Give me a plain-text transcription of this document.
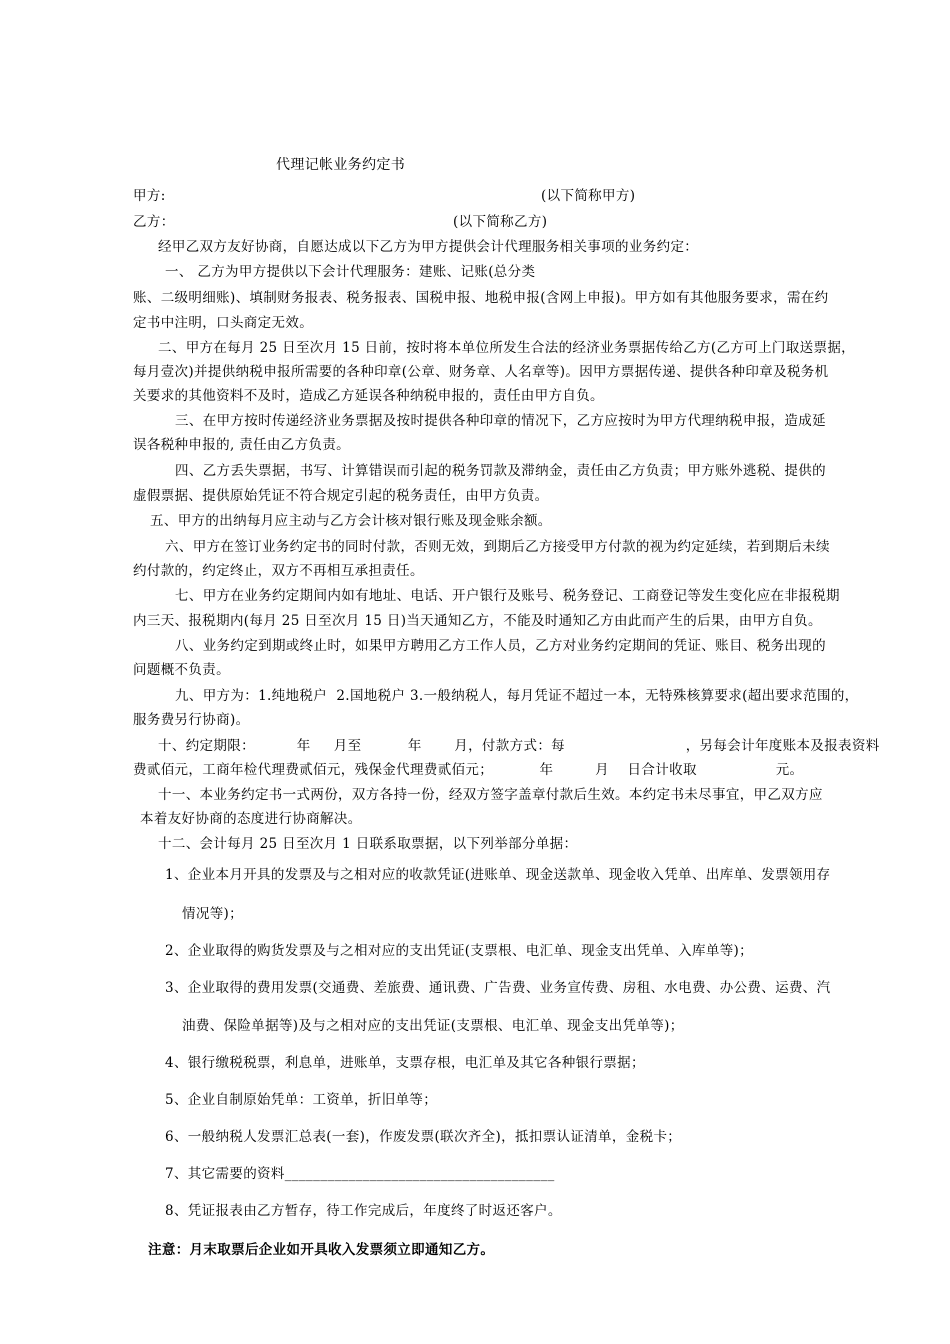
代理记帐业务约定书
甲方:	(以下简称甲方)
乙方：	(以下简称乙方)
经甲乙双方友好协商，自愿达成以下乙方为甲方提供会计代理服务相关事项的业务约定：
一、 乙方为甲方提供以下会计代理服务：建账、记账(总分类
账、二级明细账)、填制财务报表、税务报表、国税申报、地税申报(含网上申报)。甲方如有其他服务要求，需在约
定书中注明，口头商定无效。
二、甲方在每月 25 日至次月 15 日前，按时将本单位所发生合法的经济业务票据传给乙方(乙方可上门取送票据，
每月壹次)并提供纳税申报所需要的各种印章(公章、财务章、人名章等)。因甲方票据传递、提供各种印章及税务机
关要求的其他资料不及时，造成乙方延误各种纳税申报的，责任由甲方自负。
三、在甲方按时传递经济业务票据及按时提供各种印章的情况下，乙方应按时为甲方代理纳税申报，造成延
误各税种申报的, 责任由乙方负责。
四、乙方丢失票据，书写、计算错误而引起的税务罚款及滞纳金，责任由乙方负责；甲方账外逃税、提供的
虚假票据、提供原始凭证不符合规定引起的税务责任，由甲方负责。
五、甲方的出纳每月应主动与乙方会计核对银行账及现金账余额。
六、甲方在签订业务约定书的同时付款，否则无效，到期后乙方接受甲方付款的视为约定延续，若到期后未续
约付款的，约定终止，双方不再相互承担责任。
七、甲方在业务约定期间内如有地址、电话、开户银行及账号、税务登记、工商登记等发生变化应在非报税期
内三天、报税期内(每月 25 日至次月 15 日)当天通知乙方，不能及时通知乙方由此而产生的后果，由甲方自负。
八、业务约定到期或终止时，如果甲方聘用乙方工作人员，乙方对业务约定期间的凭证、账目、税务出现的
问题概不负责。
九、甲方为：1.纯地税户  2.国地税户 3.一般纳税人，每月凭证不超过一本，无特殊核算要求(超出要求范围的，
服务费另行协商)。
十、约定期限：         年     月至          年       月，付款方式：每                          ，另每会计年度账本及报表资料
费贰佰元，工商年检代理费贰佰元，残保金代理费贰佰元；          年         月    日合计收取                 元。
十一、本业务约定书一式两份，双方各持一份，经双方签字盖章付款后生效。本约定书未尽事宜，甲乙双方应
本着友好协商的态度进行协商解决。
十二、会计每月 25 日至次月 1 日联系取票据，以下列举部分单据：
1、企业本月开具的发票及与之相对应的收款凭证(进账单、现金送款单、现金收入凭单、出库单、发票领用存
情况等)；
2、企业取得的购货发票及与之相对应的支出凭证(支票根、电汇单、现金支出凭单、入库单等)；
3、企业取得的费用发票(交通费、差旅费、通讯费、广告费、业务宣传费、房租、水电费、办公费、运费、汽
油费、保险单据等)及与之相对应的支出凭证(支票根、电汇单、现金支出凭单等)；
4、银行缴税税票，利息单，进账单，支票存根，电汇单及其它各种银行票据；
5、企业自制原始凭单：工资单，折旧单等；
6、一般纳税人发票汇总表(一套)，作废发票(联次齐全)，抵扣票认证清单，金税卡；
7、其它需要的资料______________________________________
8、凭证报表由乙方暂存，待工作完成后，年度终了时返还客户。
注意：月末取票后企业如开具收入发票须立即通知乙方。
